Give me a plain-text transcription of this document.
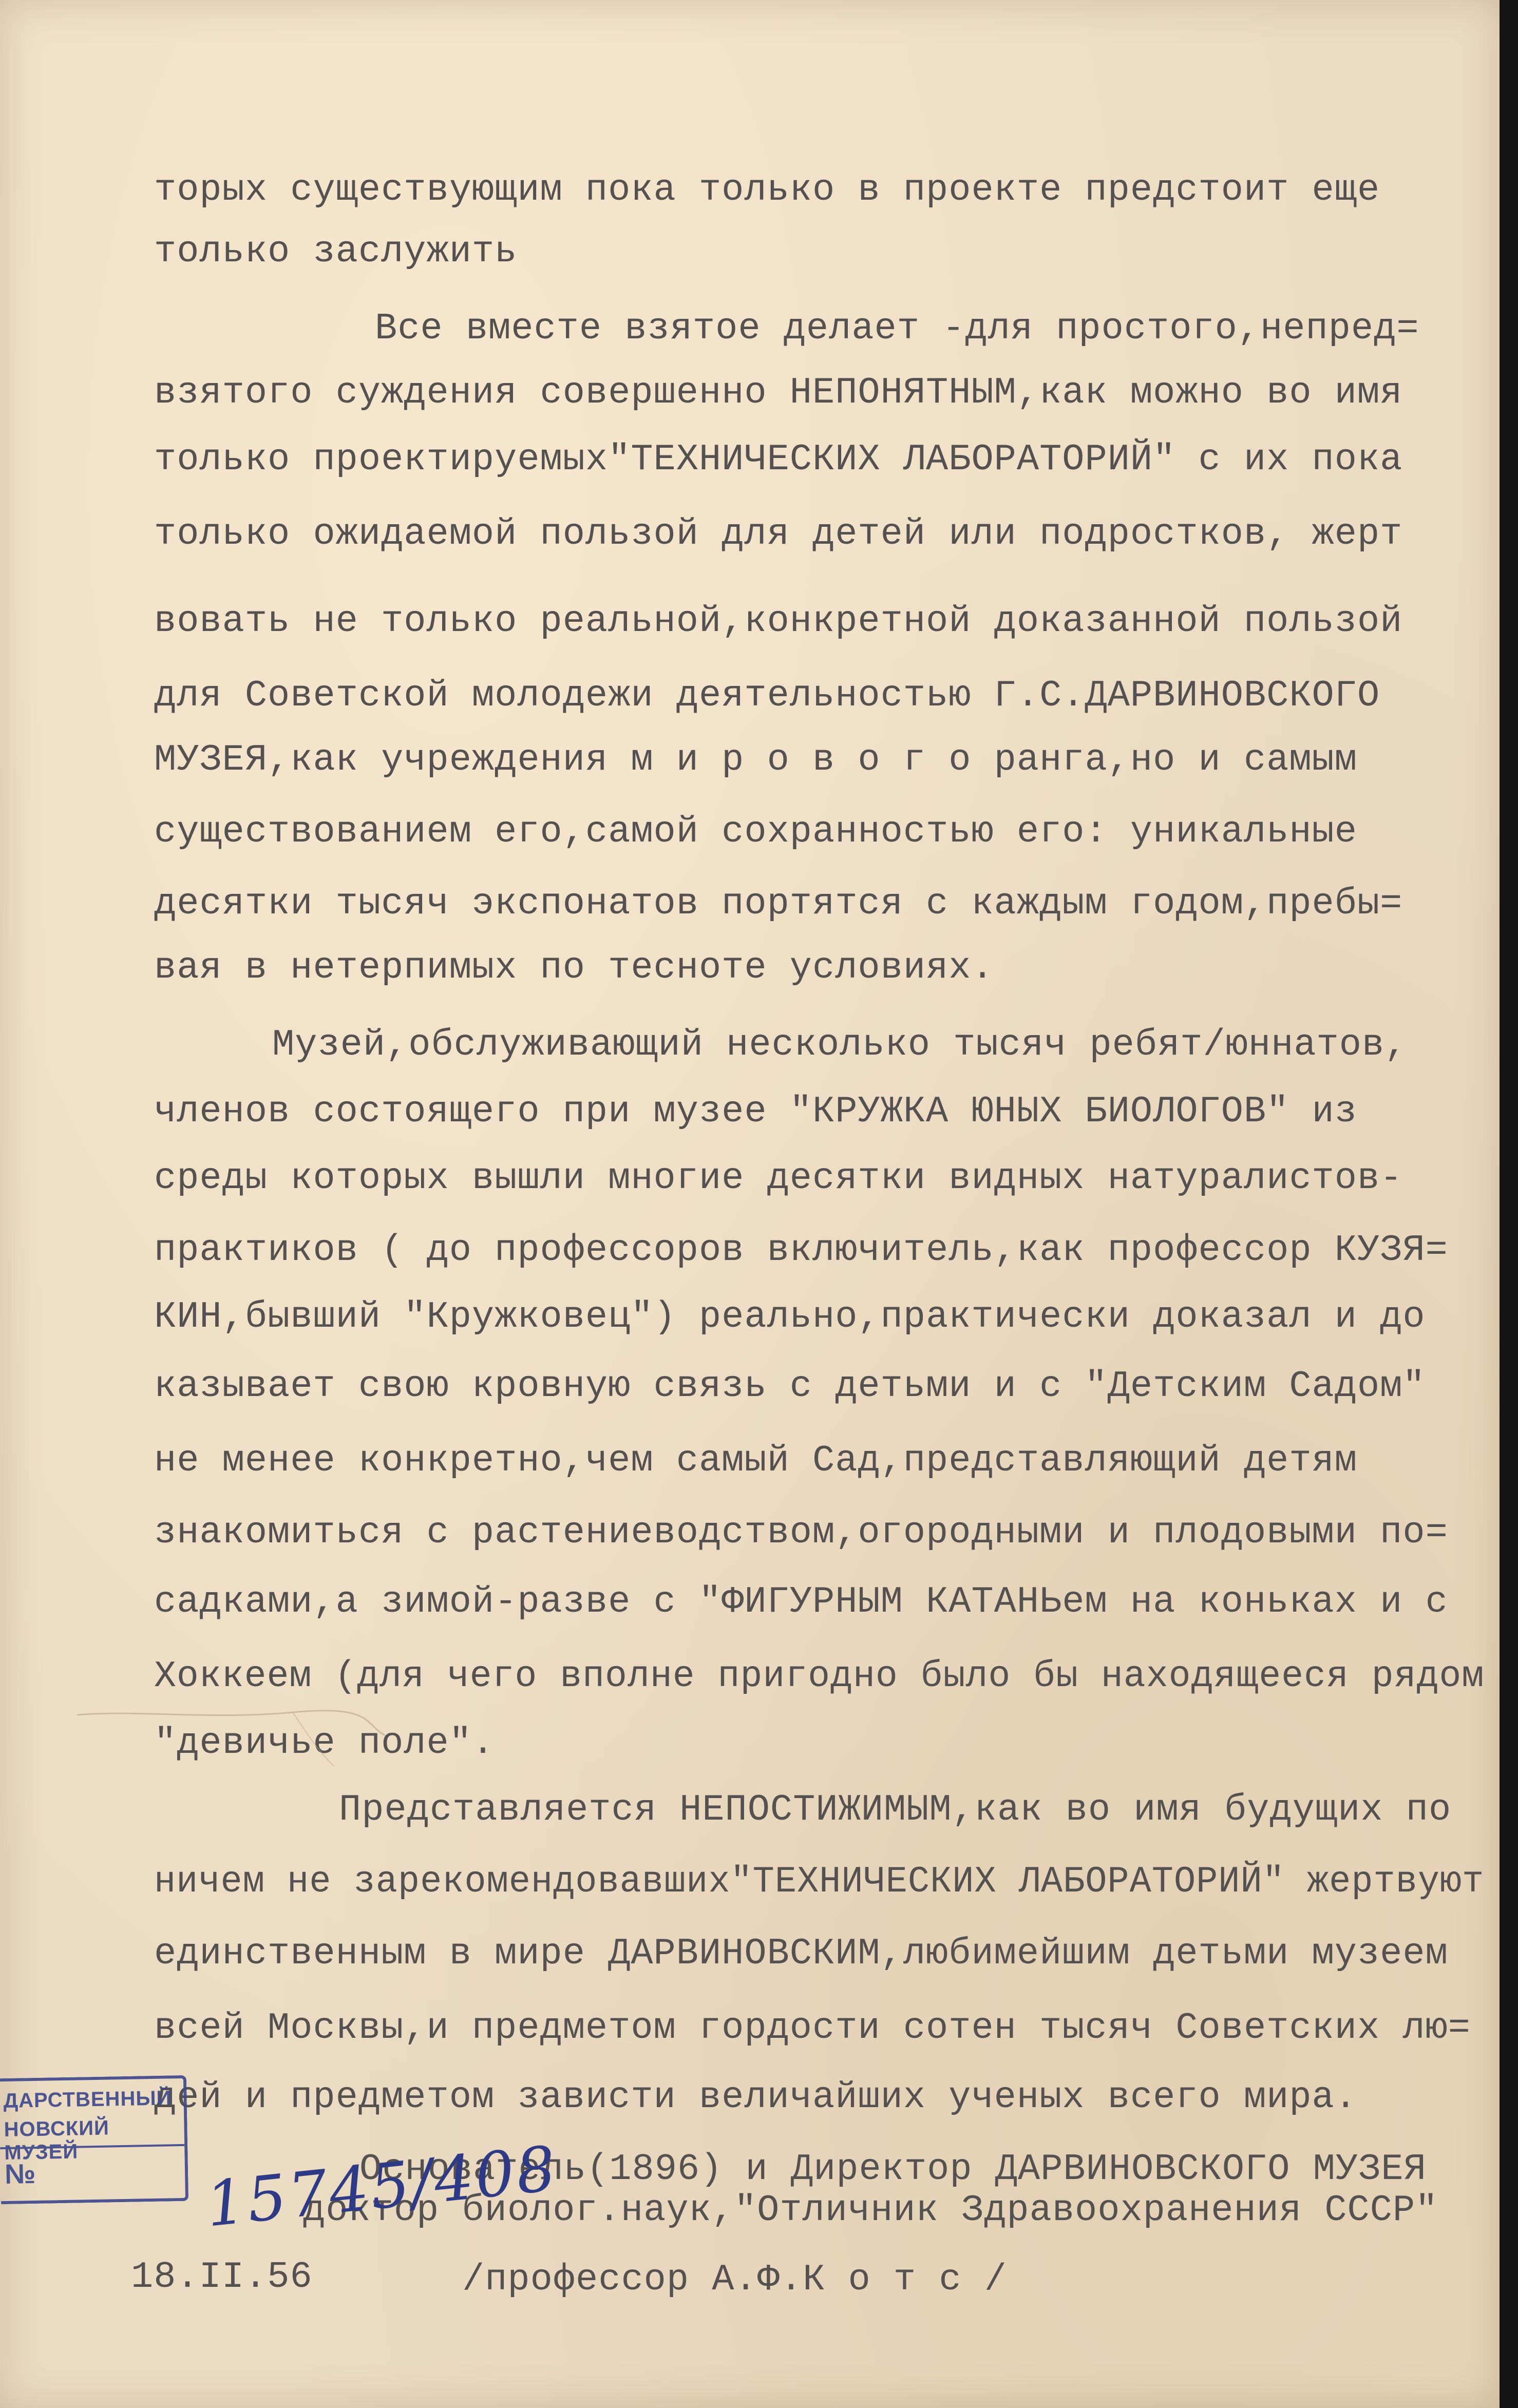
торых существующим пока только в проекте предстоит еще
только заслужить
Все вместе взятое делает -для простого,непред=
взятого суждения совершенно НЕПОНЯТНЫМ,как можно во имя
только проектируемых"ТЕХНИЧЕСКИХ ЛАБОРАТОРИЙ" с их пока
только ожидаемой пользой для детей или подростков, жерт
вовать не только реальной,конкретной доказанной пользой
для Советской молодежи деятельностью Г.С.ДАРВИНОВСКОГО
МУЗЕЯ,как учреждения м и р о в о г о ранга,но и самым
существованием его,самой сохранностью его: уникальные
десятки тысяч экспонатов портятся с каждым годом,пребы=
вая в нетерпимых по тесноте условиях.
Музей,обслуживающий несколько тысяч ребят/юннатов,
членов состоящего при музее "КРУЖКА ЮНЫХ БИОЛОГОВ" из
среды которых вышли многие десятки видных натуралистов-
практиков ( до профессоров включитель,как профессор КУЗЯ=
КИН,бывший "Кружковец") реально,практически доказал и до
казывает свою кровную связь с детьми и с "Детским Садом"
не менее конкретно,чем самый Сад,представляющий детям
знакомиться с растениеводством,огородными и плодовыми по=
садками,а зимой-разве с "ФИГУРНЫМ КАТАНЬем на коньках и с
Хоккеем (для чего вполне пригодно было бы находящееся рядом
"девичье поле".
Представляется НЕПОСТИЖИМЫМ,как во имя будущих по
ничем не зарекомендовавших"ТЕХНИЧЕСКИХ ЛАБОРАТОРИЙ" жертвуют
единственным в мире ДАРВИНОВСКИМ,любимейшим детьми музеем
всей Москвы,и предметом гордости сотен тысяч Советских лю=
дей и предметом зависти величайших ученых всего мира.
Основатель(1896) и Директор ДАРВИНОВСКОГО МУЗЕЯ
доктор биолог.наук,"Отличник Здравоохранения СССР"
18.II.56	/профессор А.Ф.К о т с /
ДАРСТВЕННЫЙ
НОВСКИЙ МУЗЕЙ
№	15745/408
